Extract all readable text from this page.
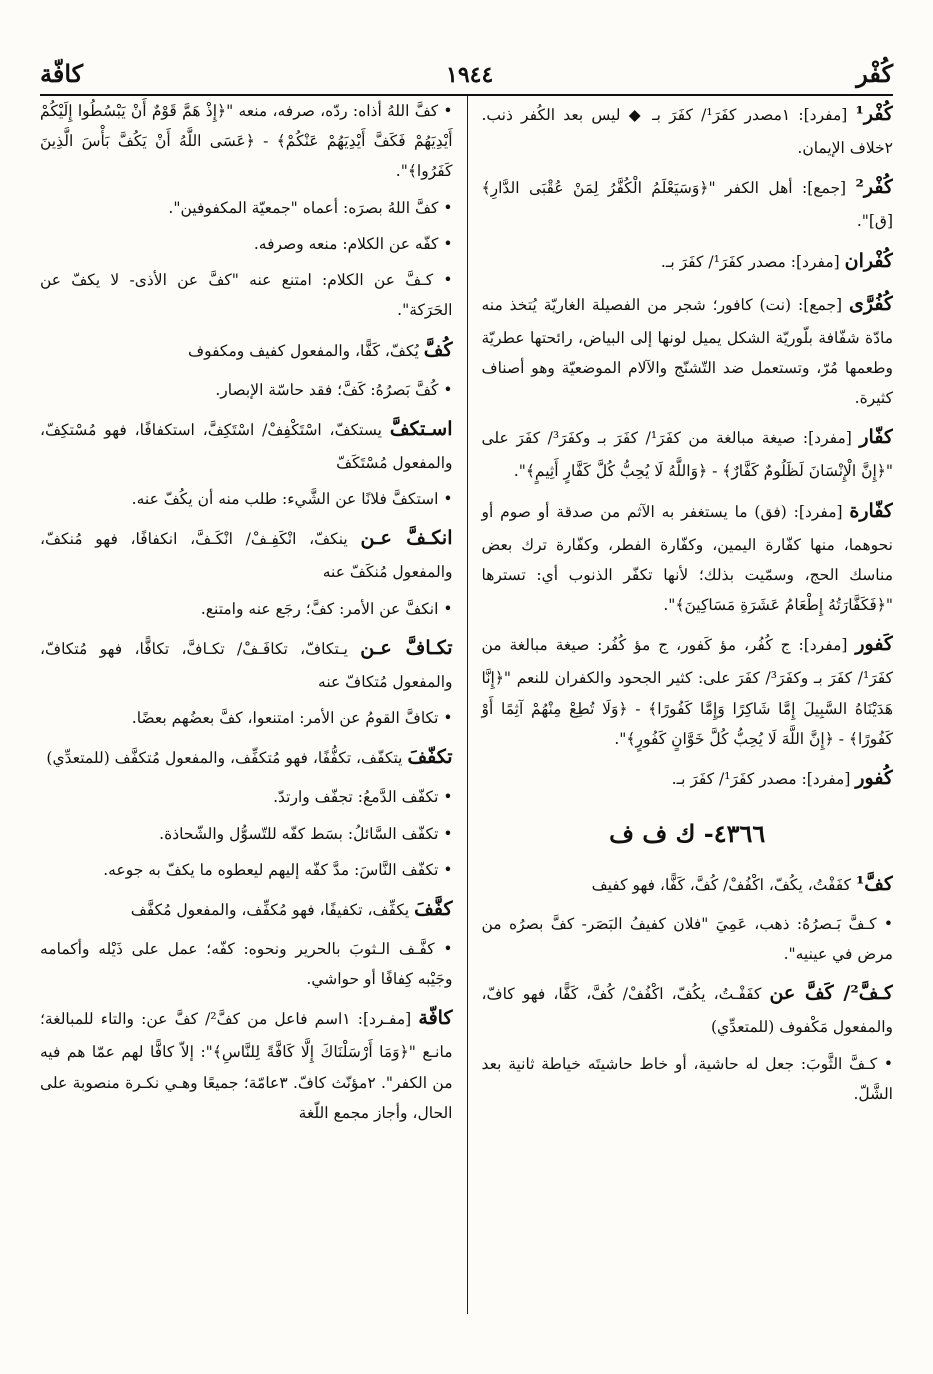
كُفْر
١٩٤٤
كافّة

كُفْر¹ [مفرد]: ١مصدر كفَرَ¹/ كفَرَ بـ ◆ ليس بعد الكُفر ذنب. ٢خلاف الإيمان.

كُفْر² [جمع]: أهل الكفر "﴿وَسَيَعْلَمُ الْكُفَّرُ لِمَنْ عُقْبَى الدَّارِ﴾ [ق]".

كُفْران [مفرد]: مصدر كفَرَ¹/ كفَرَ بـ.

كُفُرَّى [جمع]: (نت) كافور؛ شجر من الفصيلة الغاريّة يُتخذ منه مادّة شفّافة بلّوريّة الشكل يميل لونها إلى البياض، رائحتها عطريّة وطعمها مُرّ، وتستعمل ضد التّشنّج والآلام الموضعيّة وهو أصناف كثيرة.

كفّار [مفرد]: صيغة مبالغة من كفَرَ¹/ كفَرَ بـ وكفَرَ³/ كفَرَ على "﴿إِنَّ الْإِنْسَانَ لَظَلُومٌ كَفَّارٌ﴾ - ﴿وَاللَّهُ لَا يُحِبُّ كُلَّ كَفَّارٍ أَثِيمٍ﴾".

كفّارة [مفرد]: (فق) ما يستغفر به الآثم من صدقة أو صوم أو نحوهما، منها كفّارة اليمين، وكفّارة الفطر، وكفّارة ترك بعض مناسك الحج، وسمّيت بذلك؛ لأنها تكفّر الذنوب أي: تسترها "﴿فَكَفَّارَتُهُ إِطْعَامُ عَشَرَةِ مَسَاكِينَ﴾".

كَفور [مفرد]: ج كُفُر، مؤ كَفور، ج مؤ كُفُر: صيغة مبالغة من كفَرَ¹/ كفَرَ بـ وكفَرَ³/ كفَرَ على: كثير الجحود والكفران للنعم "﴿إِنَّا هَدَيْنَاهُ السَّبِيلَ إِمَّا شَاكِرًا وَإِمَّا كَفُورًا﴾ - ﴿وَلَا تُطِعْ مِنْهُمْ آثِمًا أَوْ كَفُورًا﴾ - ﴿إِنَّ اللَّهَ لَا يُحِبُّ كُلَّ خَوَّانٍ كَفُورٍ﴾".

كُفور [مفرد]: مصدر كفَرَ¹/ كفَرَ بـ.

٤٣٦٦- ك ف ف

كفَّ¹ كفَفْتُ، يكُفّ، اكْفُفْ/ كُفَّ، كَفًّا، فهو كفيف

• كـفَّ بَـصرُهُ: ذهب، عَمِيَ "فلان كفيفُ البَصَر- كفَّ بصرُه من مرض في عينيه".

كـفَّ²/ كَفَّ عن كفَفْـتُ، يكُفّ، اكْفُفْ/ كُفَّ، كَفًّا، فهو كافّ، والمفعول مَكْفوف (للمتعدِّي)

• كـفَّ الثَّوبَ: جعل له حاشية، أو خاط حاشيتَه خياطة ثانية بعد الشَّلّ.

• كفَّ اللهُ أذاه: ردّه، صرفه، منعه "﴿إِذْ هَمَّ قَوْمٌ أَنْ يَبْسُطُوا إِلَيْكُمْ أَيْدِيَهُمْ فَكَفَّ أَيْدِيَهُمْ عَنْكُمْ﴾ - ﴿عَسَى اللَّهُ أَنْ يَكُفَّ بَأْسَ الَّذِينَ كَفَرُوا﴾".

• كفَّ اللهُ بصرَه: أعماه "جمعيّة المكفوفين".

• كفّه عن الكلام: منعه وصرفه.

• كـفَّ عن الكلام: امتنع عنه "كفَّ عن الأذى- لا يكفّ عن الحَرَكة".

كُفَّ يُكفّ، كَفًّا، والمفعول كفيف ومكفوف

• كُفَّ بَصرُهُ: كَفَّ؛ فقد حاسّة الإبصار.

اسـتكفَّ يستكفّ، اسْتَكْفِفْ/ اسْتَكِفَّ، استكفافًا، فهو مُسْتكِفّ، والمفعول مُسْتَكَفّ

• استكفَّ فلانًا عن الشَّيء: طلب منه أن يكُفّ عنه.

انكـفَّ عـن ينكفّ، انْكَفِـفْ/ انْكَـفَّ، انكفافًا، فهو مُنكفّ، والمفعول مُنكَفّ عنه

• انكفَّ عن الأمر: كفَّ؛ رجَع عنه وامتنع.

تكـافَّ عـن يـتكافّ، تكافَـفْ/ تكـافَّ، تكافًّا، فهو مُتكافّ، والمفعول مُتكافّ عنه

• تكافَّ القومُ عن الأمر: امتنعوا، كفَّ بعضُهم بعضًا.

تكفّفَ يتكفّف، تكفُّفًا، فهو مُتكفِّف، والمفعول مُتكفَّف (للمتعدِّي)

• تكفّف الدَّمعُ: تجفّف وارتدّ.

• تكفّف السَّائلُ: بسَط كفّه للتّسوُّل والشّحاذة.

• تكفّف النَّاسَ: مدَّ كفّه إليهم ليعطوه ما يكفّ به جوعه.

كفَّفَ يكفِّف، تكفيفًا، فهو مُكفِّف، والمفعول مُكفَّف

• كفَّـف الـثوبَ بالحرير ونحوه: كفّه؛ عمل على ذَيْله وأكمامه وجَيْبه كِفافًا أو حواشي.

كافّة [مفـرد]: ١اسم فاعل من كفَّ²/ كفَّ عن: والتاء للمبالغة؛ مانـع "﴿وَمَا أَرْسَلْنَاكَ إِلَّا كَافَّةً لِلنَّاسِ﴾": إلاّ كافًّا لهم عمّا هم فيه من الكفر". ٢مؤنّث كافّ. ٣عامّة؛ جميعًا وهـي نكـرة منصوبة على الحال، وأجاز مجمع اللّغة
